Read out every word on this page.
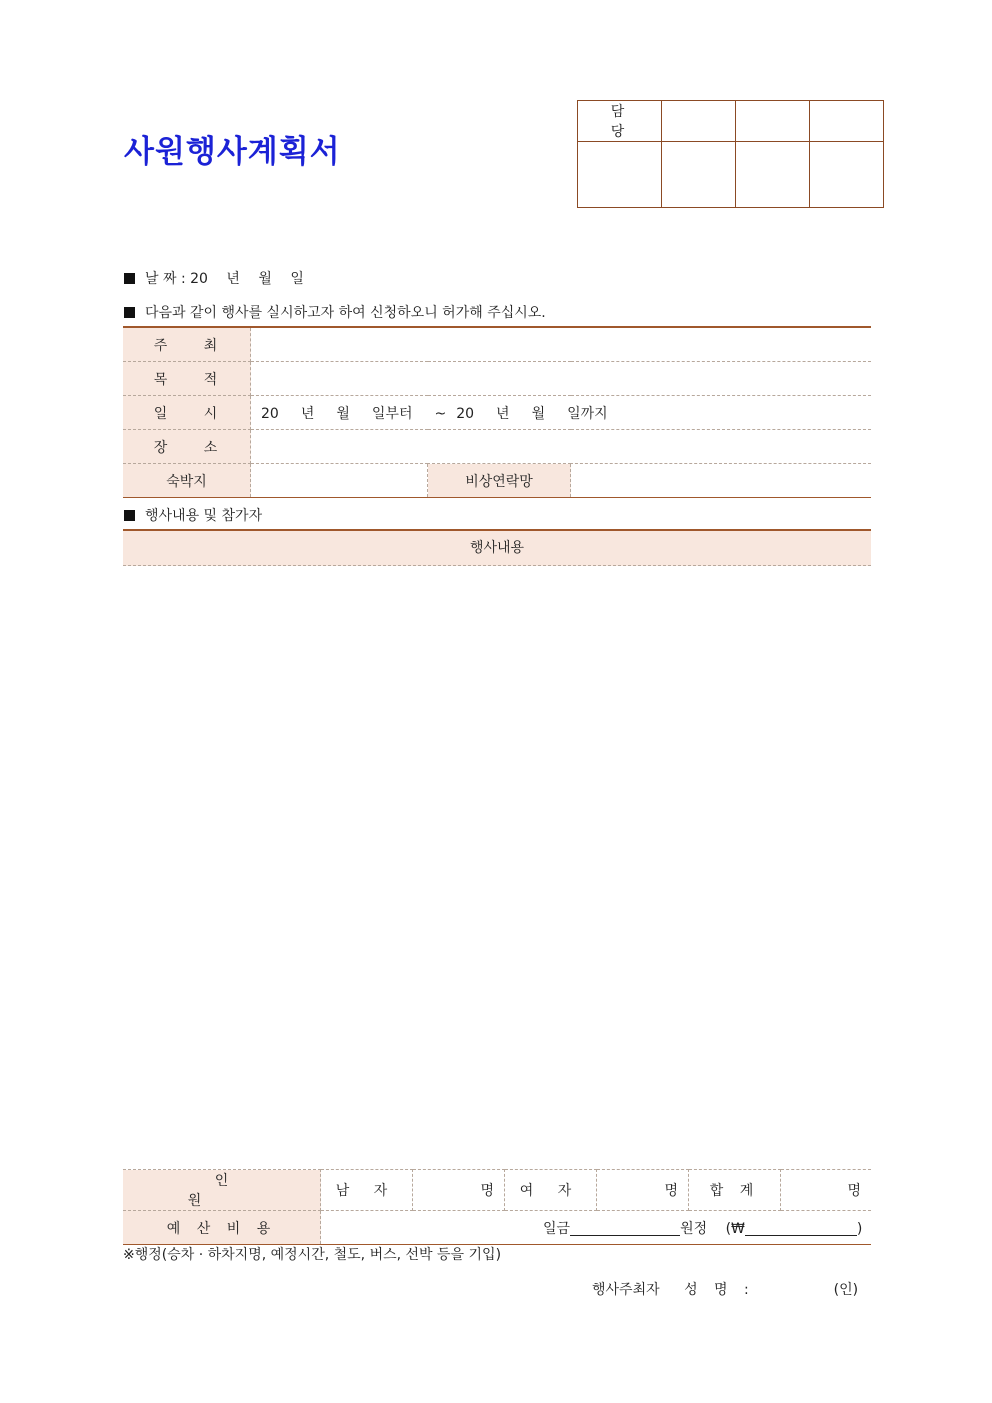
사원행사계획서
담 당			

날 짜 : 20 년 월 일
다음과 같이 행사를 실시하고자 하여 신청하오니 허가해 주십시오.
주 최			
목 적			
일 시	20 년 월 일부터 ~ 20 년 월 일까지		
장 소			
숙박지		비상연락망	
행사내용 및 참가자
행사내용
인 원	남 자	명	여 자	명	합 계	명
예 산 비 용	일금 원정 (₩ )					
※행정(승차 · 하차지명, 예정시간, 철도, 버스, 선박 등을 기입)
행사주최자 성 명 :	(인)
